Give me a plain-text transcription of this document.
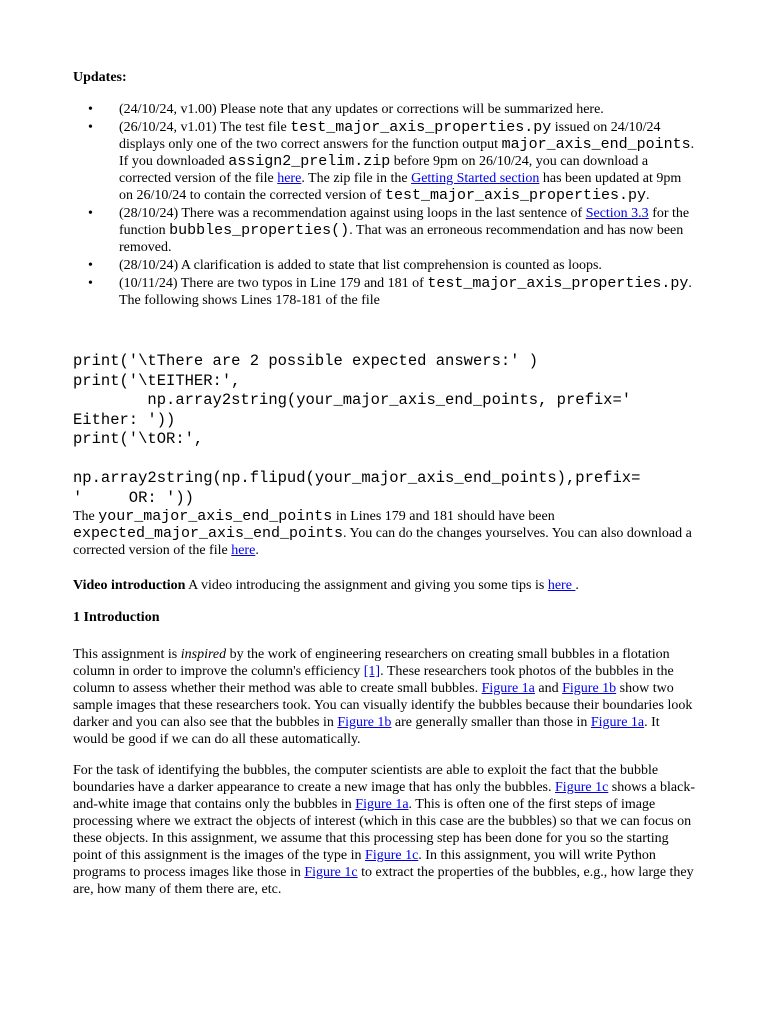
Updates:
• (24/10/24, v1.00) Please note that any updates or corrections will be summarized here.
• (26/10/24, v1.01) The test file test_major_axis_properties.py issued on 24/10/24 displays only one of the two correct answers for the function output major_axis_end_points. If you downloaded assign2_prelim.zip before 9pm on 26/10/24, you can download a corrected version of the file here. The zip file in the Getting Started section has been updated at 9pm on 26/10/24 to contain the corrected version of test_major_axis_properties.py.
• (28/10/24) There was a recommendation against using loops in the last sentence of Section 3.3 for the function bubbles_properties(). That was an erroneous recommendation and has now been removed.
• (28/10/24) A clarification is added to state that list comprehension is counted as loops.
• (10/11/24) There are two typos in Line 179 and 181 of test_major_axis_properties.py. The following shows Lines 178-181 of the file
print('\tThere are 2 possible expected answers:' )
print('\tEITHER:',
np.array2string(your_major_axis_end_points, prefix='
Either: '))
print('\tOR:',

np.array2string(np.flipud(your_major_axis_end_points),prefix=
'     OR: '))

The your_major_axis_end_points in Lines 179 and 181 should have been expected_major_axis_end_points. You can do the changes yourselves. You can also download a corrected version of the file here.

Video introduction A video introducing the assignment and giving you some tips is here .

1 Introduction

This assignment is inspired by the work of engineering researchers on creating small bubbles in a flotation column in order to improve the column's efficiency [1]. These researchers took photos of the bubbles in the column to assess whether their method was able to create small bubbles. Figure 1a and Figure 1b show two sample images that these researchers took. You can visually identify the bubbles because their boundaries look darker and you can also see that the bubbles in Figure 1b are generally smaller than those in Figure 1a. It would be good if we can do all these automatically.

For the task of identifying the bubbles, the computer scientists are able to exploit the fact that the bubble boundaries have a darker appearance to create a new image that has only the bubbles. Figure 1c shows a black-and-white image that contains only the bubbles in Figure 1a. This is often one of the first steps of image processing where we extract the objects of interest (which in this case are the bubbles) so that we can focus on these objects. In this assignment, we assume that this processing step has been done for you so the starting point of this assignment is the images of the type in Figure 1c. In this assignment, you will write Python programs to process images like those in Figure 1c to extract the properties of the bubbles, e.g., how large they are, how many of them there are, etc.
